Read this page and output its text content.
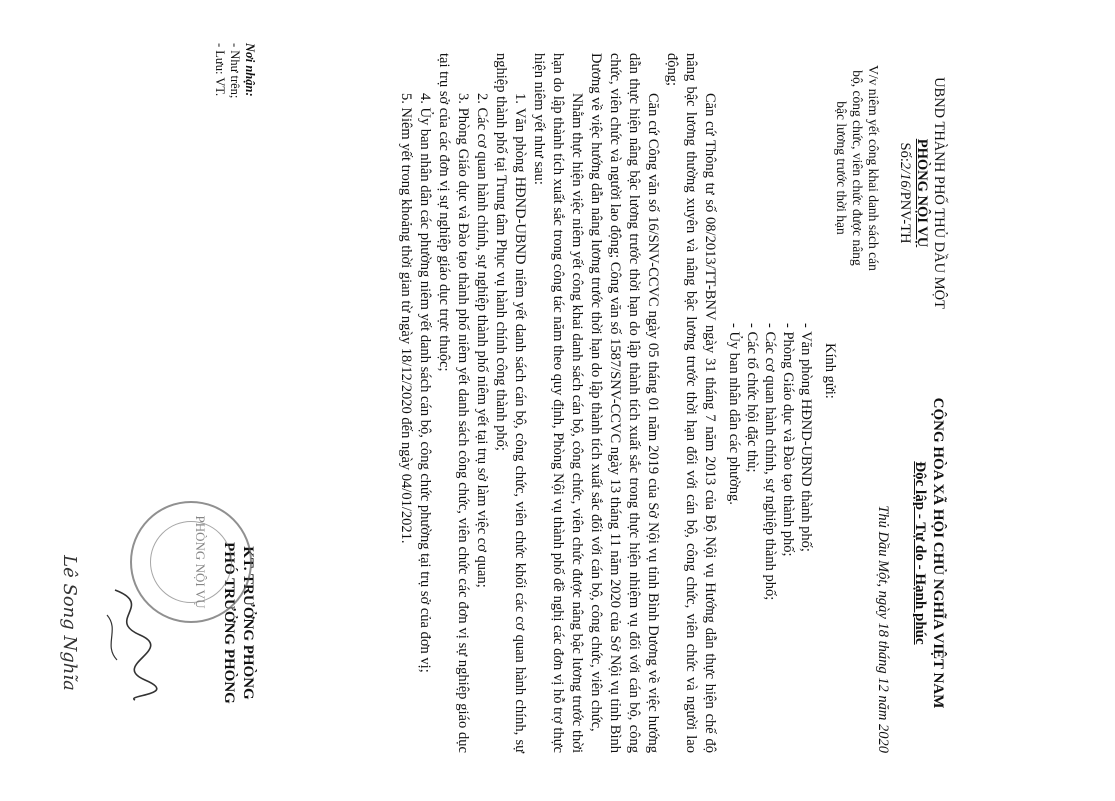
UBND THÀNH PHỐ THỦ DẦU MỘT
PHÒNG NỘI VỤ
Số:2/16/PNV-TH
CỘNG HÒA XÃ HỘI CHỦ NGHĨA VIỆT NAM
Độc lập - Tự do - Hạnh phúc
V/v niêm yết công khai danh sách cán
bộ, công chức, viên chức được nâng
bậc lương trước thời hạn
Thủ Dầu Một, ngày 18 tháng 12 năm 2020
Kính gửi:
- Văn phòng HĐND-UBND thành phố;
- Phòng Giáo dục và Đào tạo thành phố;
- Các cơ quan hành chính, sự nghiệp thành phố;
- Các tổ chức hội đặc thù;
- Ủy ban nhân dân các phường.

Căn cứ Thông tư số 08/2013/TT-BNV ngày 31 tháng 7 năm 2013 của Bộ Nội vụ Hướng dẫn thực hiện chế độ nâng bậc lương thường xuyên và nâng bậc lương trước thời hạn đối với cán bộ, công chức, viên chức và người lao động;

Căn cứ Công văn số 16/SNV-CCVC ngày 05 tháng 01 năm 2019 của Sở Nội vụ tỉnh Bình Dương về việc hướng dẫn thực hiện nâng bậc lương trước thời hạn do lập thành tích xuất sắc trong thực hiện nhiệm vụ đối với cán bộ, công chức, viên chức và người lao động; Công văn số 1587/SNV-CCVC ngày 13 tháng 11 năm 2020 của Sở Nội vụ tỉnh Bình Dương về việc hướng dẫn nâng lương trước thời hạn do lập thành tích xuất sắc đối với cán bộ, công chức, viên chức,

Nhằm thực hiện việc niêm yết công khai danh sách cán bộ, công chức, viên chức được nâng bậc lương trước thời hạn do lập thành tích xuất sắc trong công tác năm theo quy định, Phòng Nội vụ thành phố đề nghị các đơn vị hỗ trợ thực hiện niêm yết như sau:

1. Văn phòng HĐND-UBND niêm yết danh sách cán bộ, công chức, viên chức khối các cơ quan hành chính, sự nghiệp thành phố tại Trung tâm Phục vụ hành chính công thành phố;

2. Các cơ quan hành chính, sự nghiệp thành phố niêm yết tại trụ sở làm việc cơ quan;

3. Phòng Giáo dục và Đào tạo thành phố niêm yết danh sách công chức, viên chức các đơn vị sự nghiệp giáo dục tại trụ sở của các đơn vị sự nghiệp giáo dục trực thuộc;

4. Ủy ban nhân dân các phường niêm yết danh sách cán bộ, công chức phường tại trụ sở của đơn vị;

5. Niêm yết trong khoảng thời gian từ ngày 18/12/2020 đến ngày 04/01/2021.

Nơi nhận:
- Như trên;
- Lưu: VT.
KT. TRƯỞNG PHÒNG
PHÓ TRƯỞNG PHÒNG
Lê Song Nghĩa	PHÒNG NỘI VỤ
